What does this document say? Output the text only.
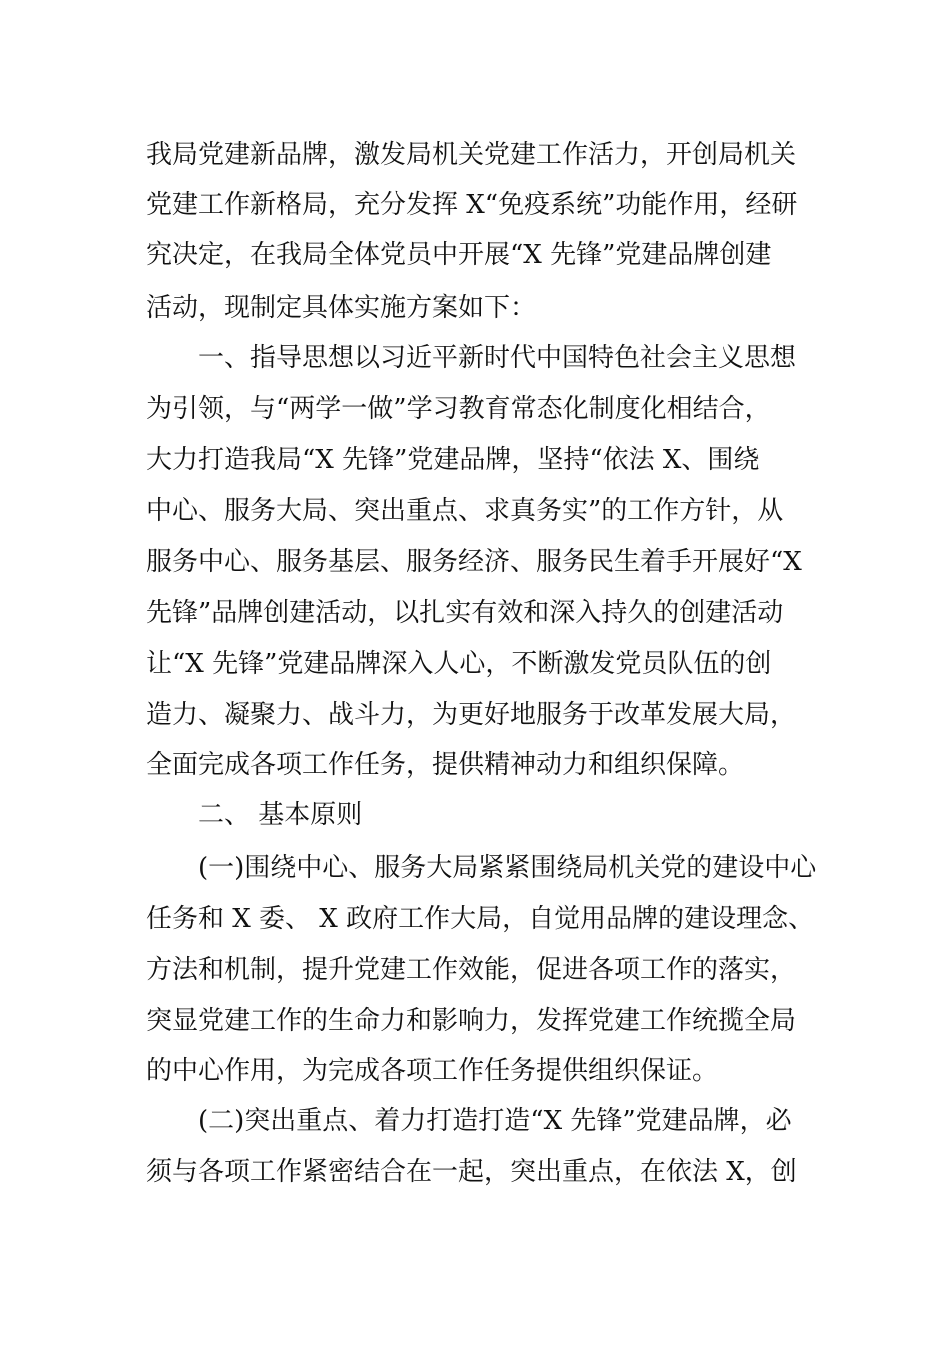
我局党建新品牌，激发局机关党建工作活力，开创局机关
党建工作新格局，充分发挥 X“免疫系统”功能作用，经研
究决定，在我局全体党员中开展“X 先锋”党建品牌创建
活动，现制定具体实施方案如下：
一、指导思想以习近平新时代中国特色社会主义思想
为引领，与“两学一做”学习教育常态化制度化相结合，
大力打造我局“X 先锋”党建品牌，坚持“依法 X、围绕
中心、服务大局、突出重点、求真务实”的工作方针，从
服务中心、服务基层、服务经济、服务民生着手开展好“X
先锋”品牌创建活动，以扎实有效和深入持久的创建活动
让“X 先锋”党建品牌深入人心，不断激发党员队伍的创
造力、凝聚力、战斗力，为更好地服务于改革发展大局，
全面完成各项工作任务，提供精神动力和组织保障。
二、 基本原则
(一)围绕中心、服务大局紧紧围绕局机关党的建设中心
任务和 X 委、 X 政府工作大局，自觉用品牌的建设理念、
方法和机制，提升党建工作效能，促进各项工作的落实，
突显党建工作的生命力和影响力，发挥党建工作统揽全局
的中心作用，为完成各项工作任务提供组织保证。
(二)突出重点、着力打造打造“X 先锋”党建品牌，必
须与各项工作紧密结合在一起，突出重点，在依法 X，创
